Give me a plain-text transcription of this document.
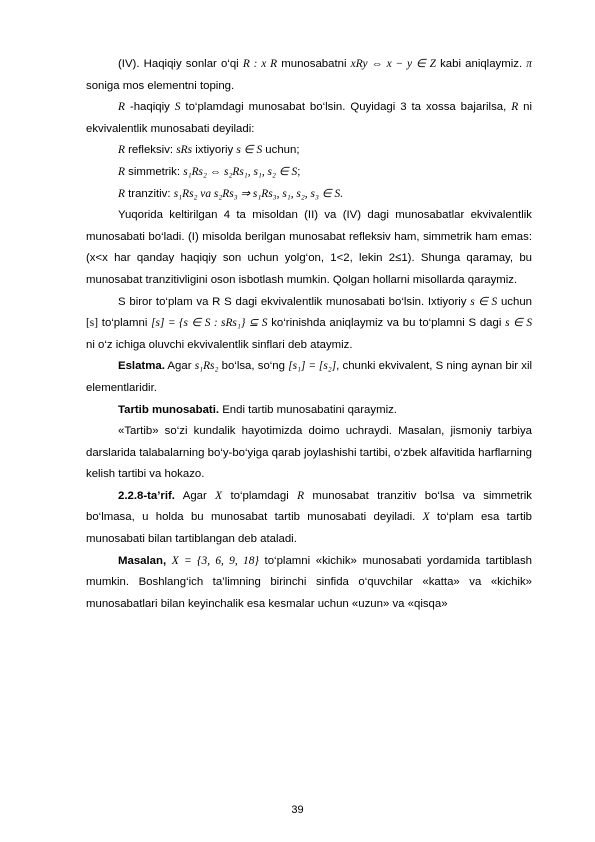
(IV). Haqiqiy sonlar o‘qi R : x R munosabatni xRy ⇔ x − y ∈ Z kabi aniqlaymiz. π soniga mos elementni toping.

R -haqiqiy S to‘plamdagi munosabat bo‘lsin. Quyidagi 3 ta xossa bajarilsa, R ni ekvivalentlik munosabati deyiladi:

R refleksiv: sRs ixtiyoriy s ∈ S uchun;

R simmetrik: s₁Rs₂ ⇔ s₂Rs₁, s₁, s₂ ∈ S;

R tranzitiv: s₁Rs₂ va s₂Rs₃ ⇒ s₁Rs₃, s₁, s₂, s₃ ∈ S.

Yuqorida keltirilgan 4 ta misoldan (II) va (IV) dagi munosabatlar ekvivalentlik munosabati bo‘ladi. (I) misolda berilgan munosabat refleksiv ham, simmetrik ham emas: (x<x har qanday haqiqiy son uchun yolg‘on, 1<2, lekin 2≤1). Shunga qaramay, bu munosabat tranzitivligini oson isbotlash mumkin. Qolgan hollarni misollarda qaraymiz.

S biror to‘plam va R S dagi ekvivalentlik munosabati bo‘lsin. Ixtiyoriy s ∈ S uchun [s] to‘plamni [s] = {s ∈ S : sRs₁} ⊆ S ko‘rinishda aniqlaymiz va bu to‘plamni S dagi s ∈ S ni o‘z ichiga oluvchi ekvivalentlik sinflari deb ataymiz.

Eslatma. Agar s₁Rs₂ bo‘lsa, so‘ng [s₁] = [s₂], chunki ekvivalent, S ning aynan bir xil elementlaridir.

Tartib munosabati. Endi tartib munosabatini qaraymiz.

«Tartib» so‘zi kundalik hayotimizda doimo uchraydi. Masalan, jismoniy tarbiya darslarida talabalarning bo‘y-bo‘yiga qarab joylashishi tartibi, o‘zbek alfavitida harflarning kelish tartibi va hokazo.

2.2.8-ta’rif. Agar X to‘plamdagi R munosabat tranzitiv bo‘lsa va simmetrik bo‘lmasa, u holda bu munosabat tartib munosabati deyiladi. X to‘plam esa tartib munosabati bilan tartiblangan deb ataladi.

Masalan, X = {3, 6, 9, 18} to‘plamni «kichik» munosabati yordamida tartiblash mumkin. Boshlang‘ich ta’limning birinchi sinfida o‘quvchilar «katta» va «kichik» munosabatlari bilan keyinchalik esa kesmalar uchun «uzun» va «qisqa»

39
